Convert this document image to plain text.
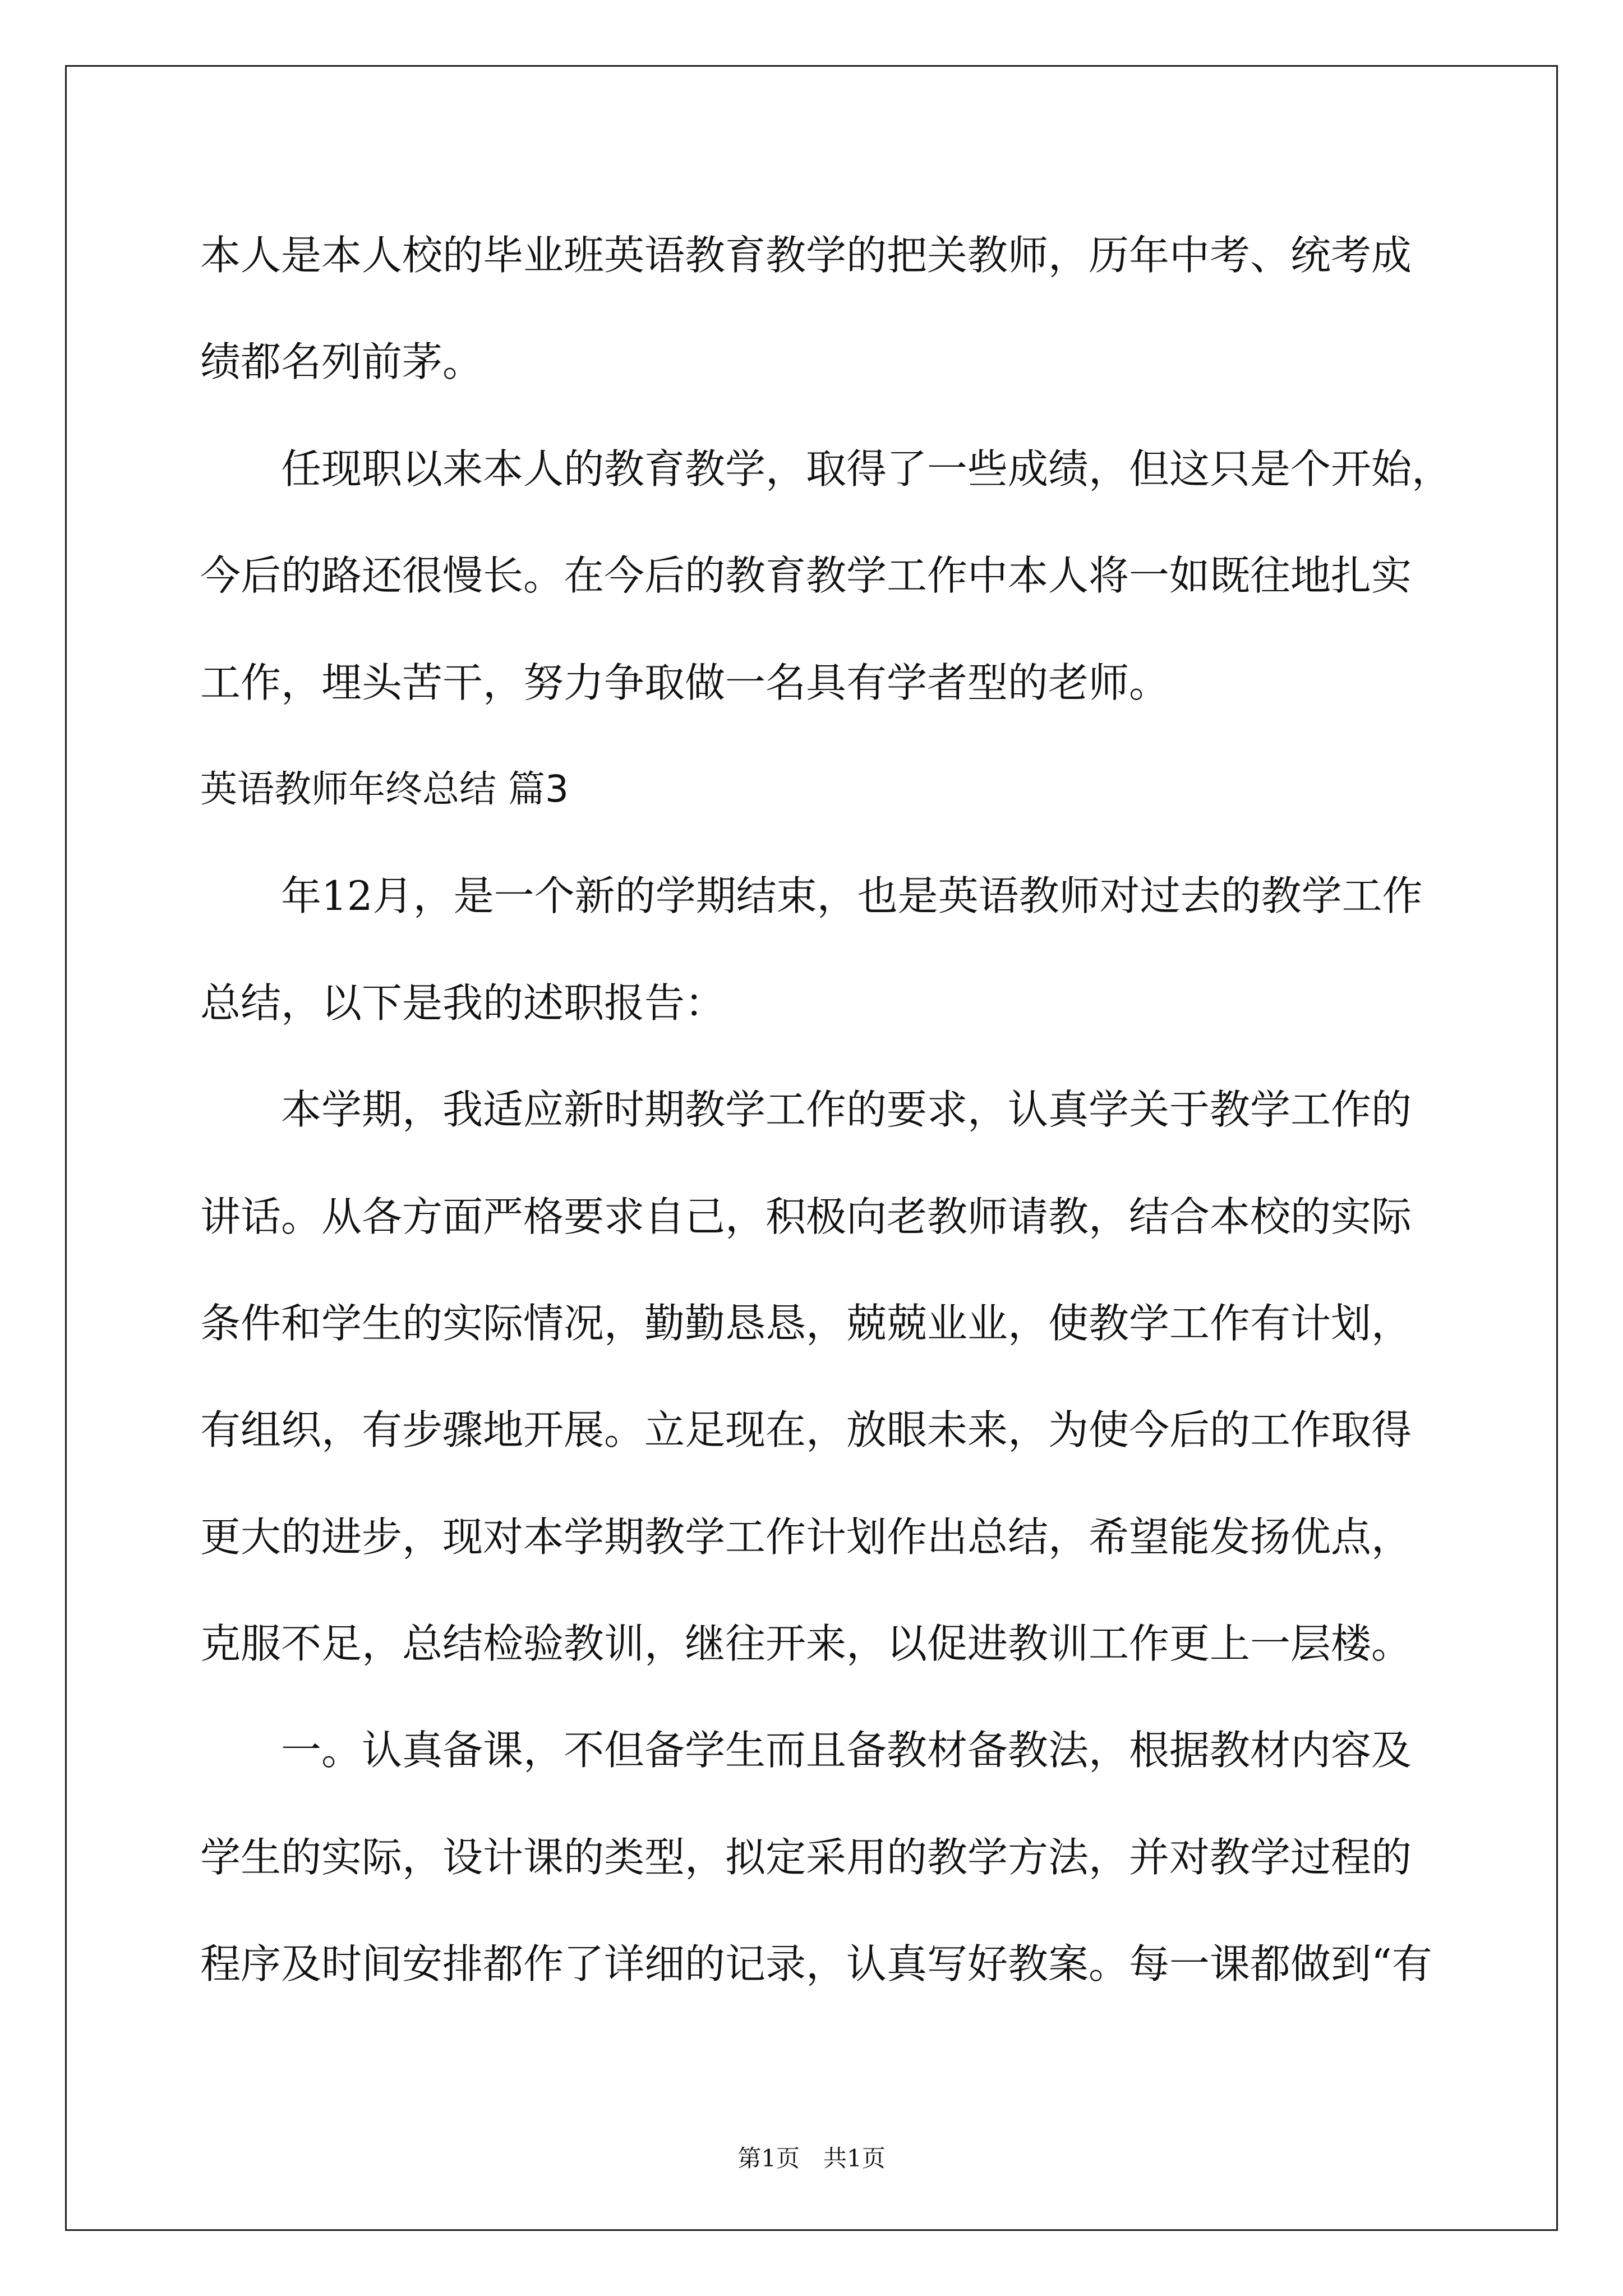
本人是本人校的毕业班英语教育教学的把关教师，历年中考、统考成
绩都名列前茅。
　　任现职以来本人的教育教学，取得了一些成绩，但这只是个开始，
今后的路还很慢长。在今后的教育教学工作中本人将一如既往地扎实
工作，埋头苦干，努力争取做一名具有学者型的老师。
英语教师年终总结 篇3
　　年12月，是一个新的学期结束，也是英语教师对过去的教学工作
总结，以下是我的述职报告：
　　本学期，我适应新时期教学工作的要求，认真学关于教学工作的
讲话。从各方面严格要求自己，积极向老教师请教，结合本校的实际
条件和学生的实际情况，勤勤恳恳，兢兢业业，使教学工作有计划，
有组织，有步骤地开展。立足现在，放眼未来，为使今后的工作取得
更大的进步，现对本学期教学工作计划作出总结，希望能发扬优点，
克服不足，总结检验教训，继往开来，以促进教训工作更上一层楼。
　　一。认真备课，不但备学生而且备教材备教法，根据教材内容及
学生的实际，设计课的类型，拟定采用的教学方法，并对教学过程的
程序及时间安排都作了详细的记录，认真写好教案。每一课都做到“有
第1页　共1页
